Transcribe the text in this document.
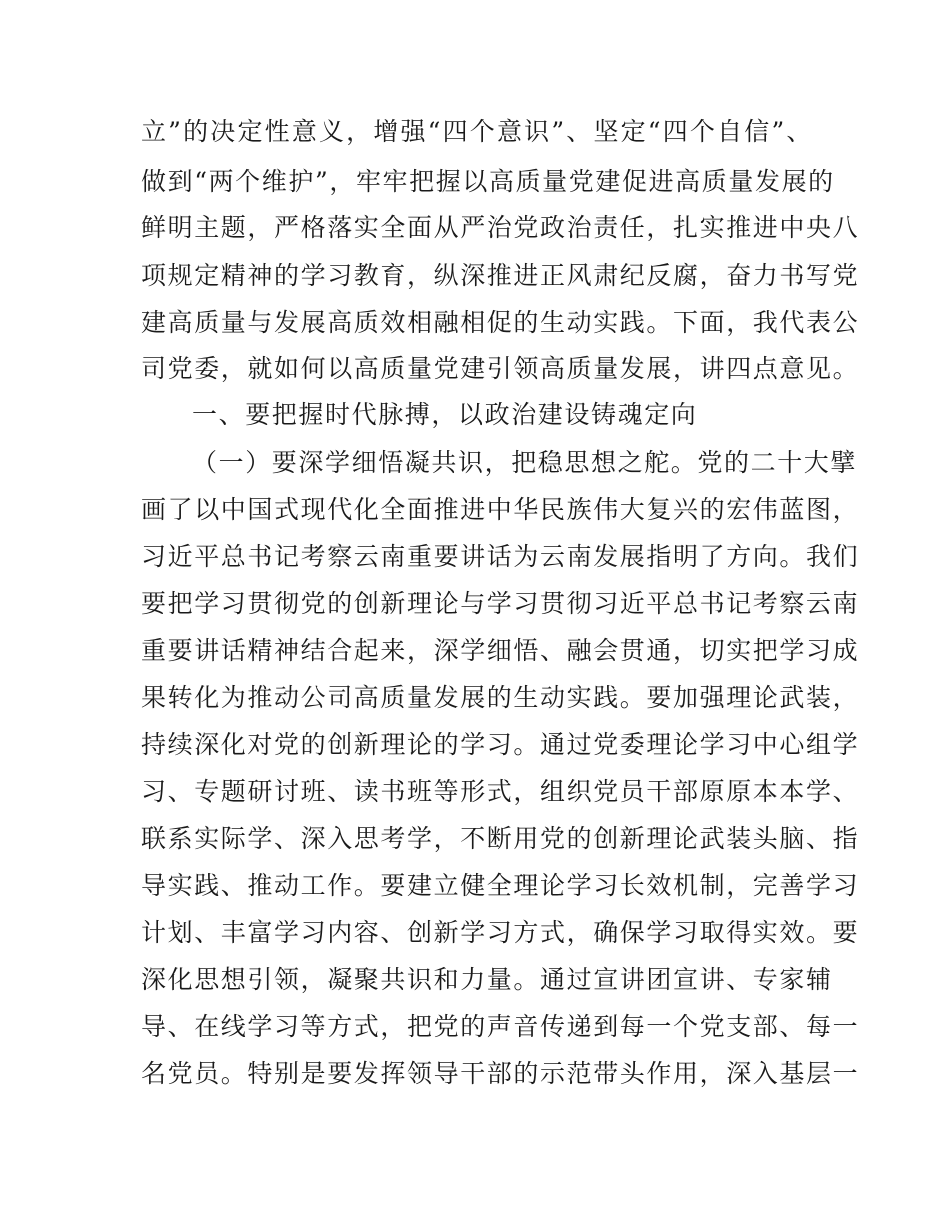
立”的决定性意义，增强“四个意识”、坚定“四个自信”、
做到“两个维护”，牢牢把握以高质量党建促进高质量发展的
鲜明主题，严格落实全面从严治党政治责任，扎实推进中央八
项规定精神的学习教育，纵深推进正风肃纪反腐，奋力书写党
建高质量与发展高质效相融相促的生动实践。下面，我代表公
司党委，就如何以高质量党建引领高质量发展，讲四点意见。
一、要把握时代脉搏，以政治建设铸魂定向
（一）要深学细悟凝共识，把稳思想之舵。党的二十大擘
画了以中国式现代化全面推进中华民族伟大复兴的宏伟蓝图，
习近平总书记考察云南重要讲话为云南发展指明了方向。我们
要把学习贯彻党的创新理论与学习贯彻习近平总书记考察云南
重要讲话精神结合起来，深学细悟、融会贯通，切实把学习成
果转化为推动公司高质量发展的生动实践。要加强理论武装，
持续深化对党的创新理论的学习。通过党委理论学习中心组学
习、专题研讨班、读书班等形式，组织党员干部原原本本学、
联系实际学、深入思考学，不断用党的创新理论武装头脑、指
导实践、推动工作。要建立健全理论学习长效机制，完善学习
计划、丰富学习内容、创新学习方式，确保学习取得实效。要
深化思想引领，凝聚共识和力量。通过宣讲团宣讲、专家辅
导、在线学习等方式，把党的声音传递到每一个党支部、每一
名党员。特别是要发挥领导干部的示范带头作用，深入基层一
